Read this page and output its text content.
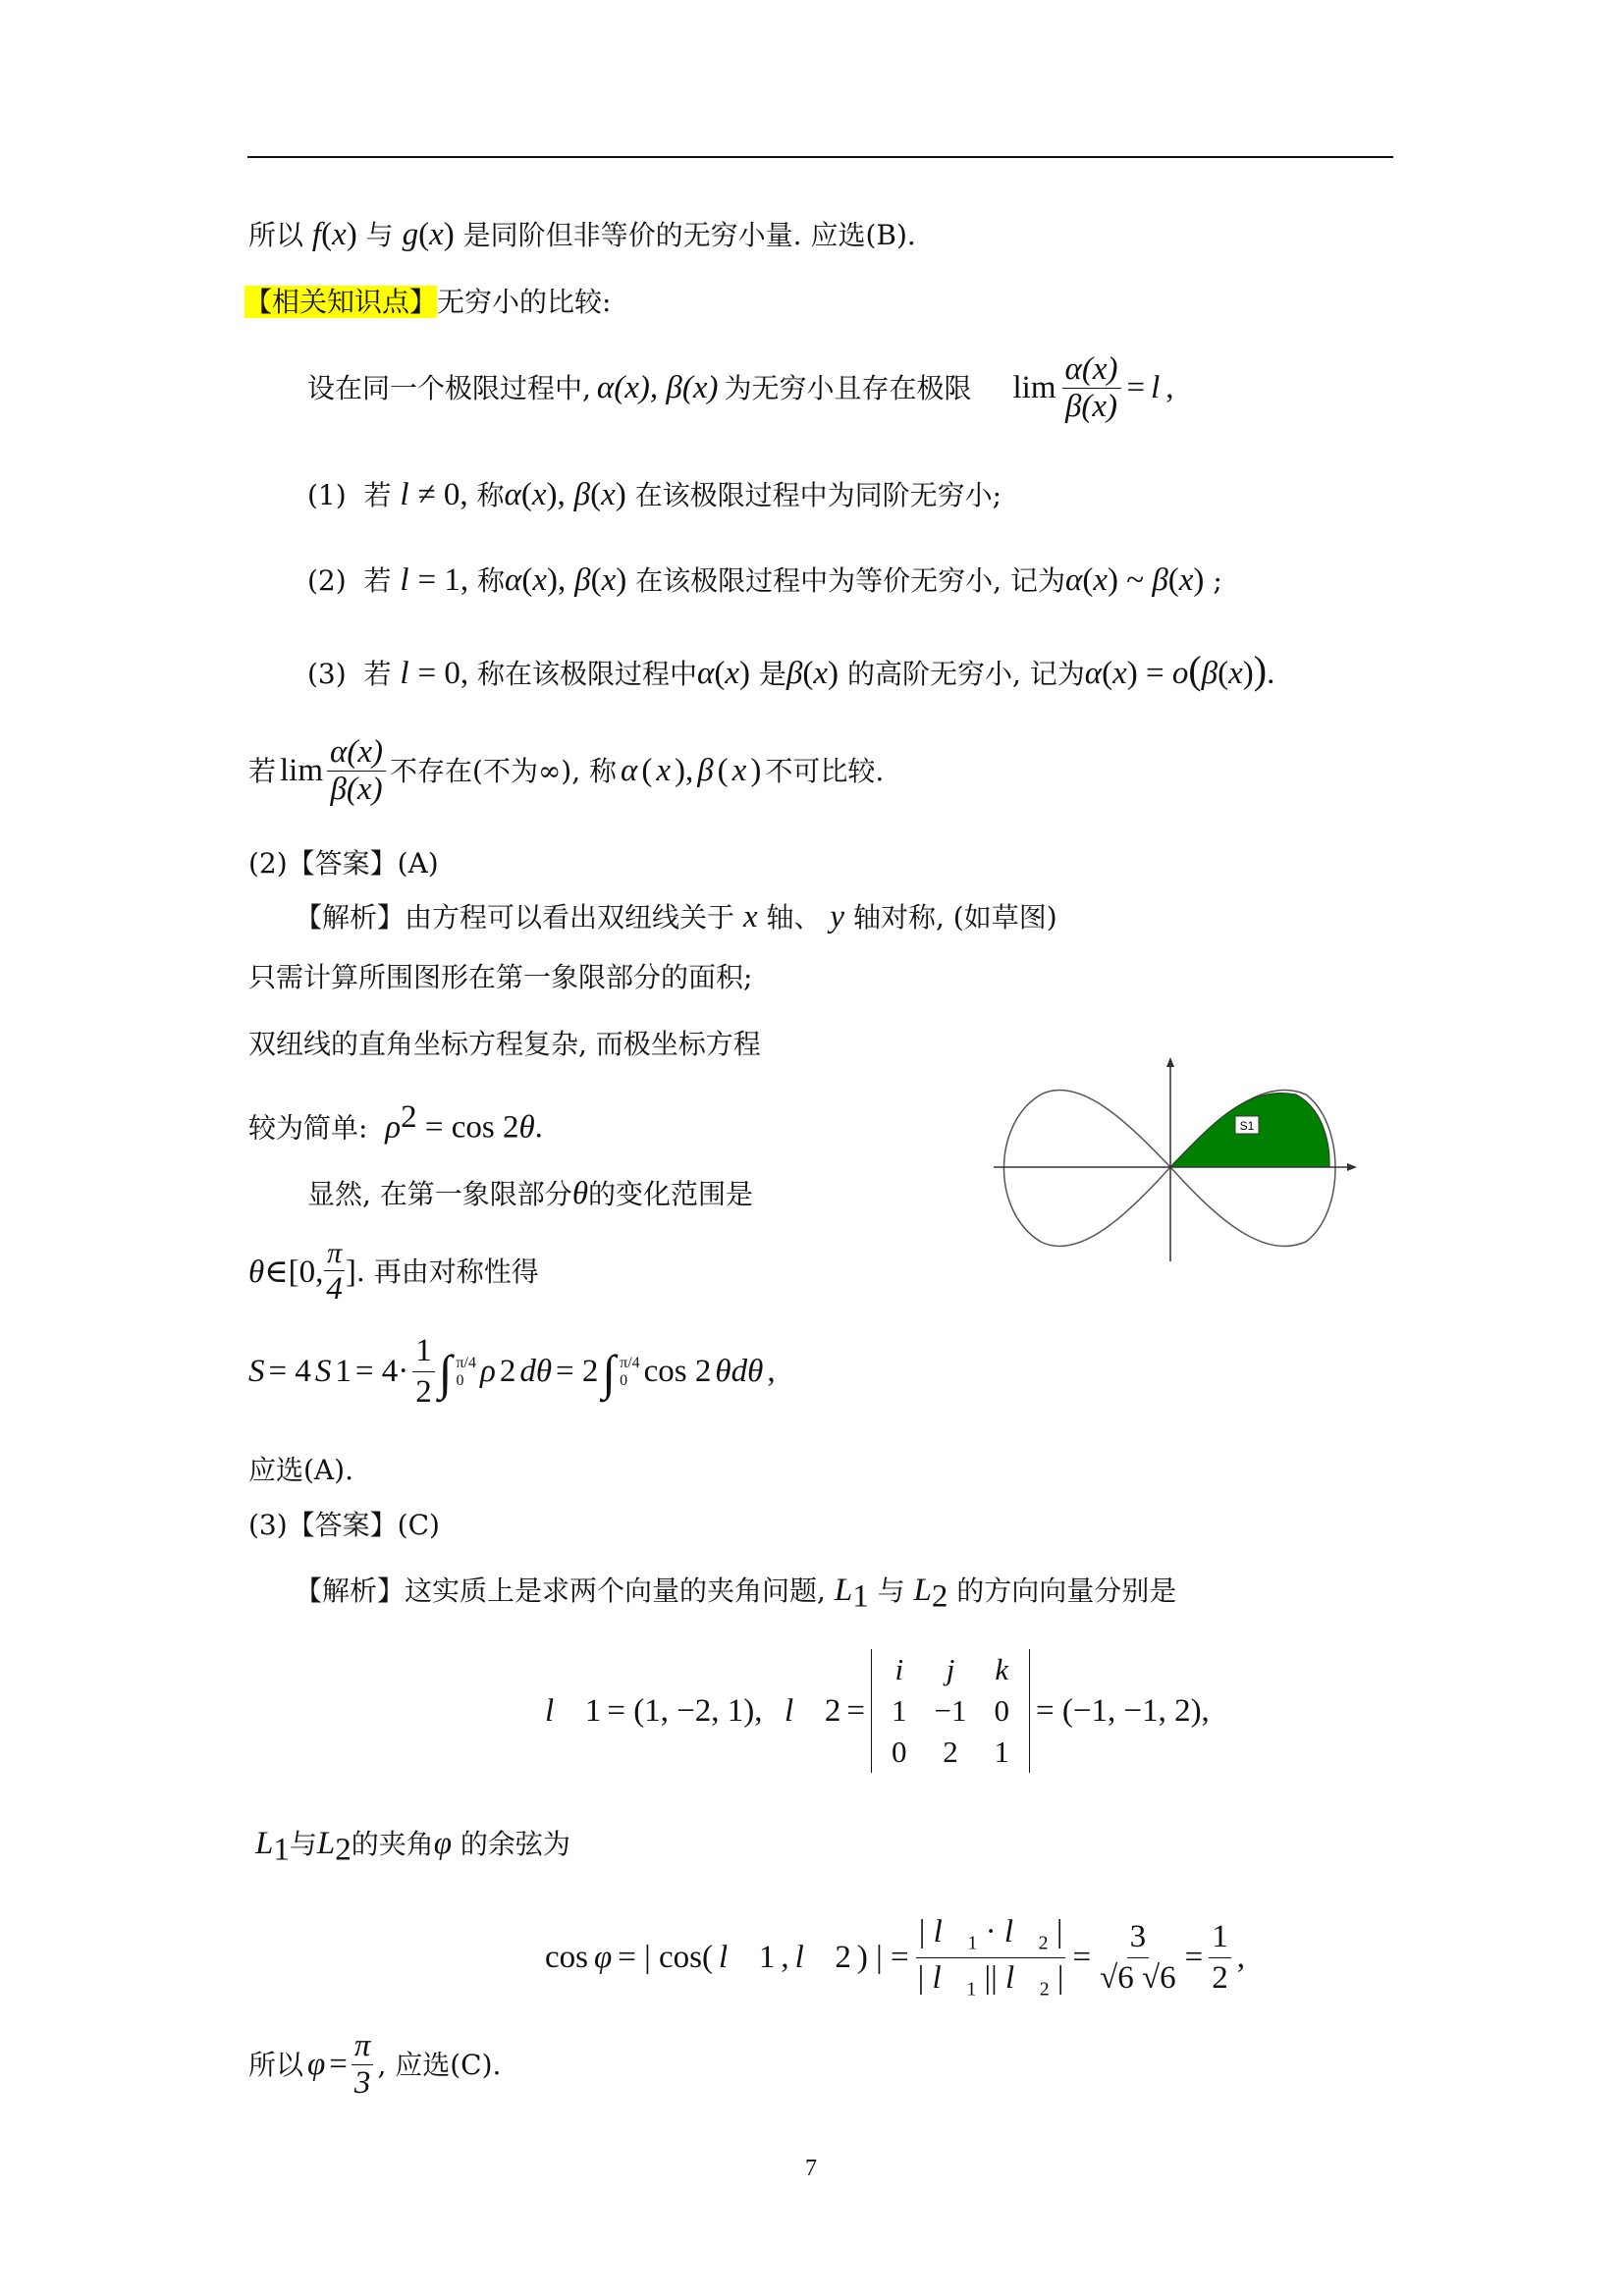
所以 f(x) 与 g(x) 是同阶但非等价的无穷小量. 应选(B).
【相关知识点】无穷小的比较:
设在同一个极限过程中, α(x), β(x) 为无穷小且存在极限 $\lim \frac{\alpha(x)}{\beta(x)} = l$ ,
(1) 若 l ≠ 0, 称α(x), β(x) 在该极限过程中为同阶无穷小;
(2) 若 l = 1, 称α(x), β(x) 在该极限过程中为等价无穷小, 记为α(x) ~ β(x) ;
(3) 若 l = 0, 称在该极限过程中α(x) 是β(x) 的高阶无穷小, 记为α(x) = o(β(x)).
若 $\lim \frac{\alpha(x)}{\beta(x)}$ 不存在(不为∞), 称 α ( x ), β ( x ) 不可比较.
(2)【答案】(A)
【解析】由方程可以看出双纽线关于 x 轴、 y 轴对称, (如草图)
只需计算所围图形在第一象限部分的面积;
双纽线的直角坐标方程复杂, 而极坐标方程
较为简单: $\rho^2 = \cos 2\theta$.
显然, 在第一象限部分θ的变化范围是
θ ∈[0, $\frac{\pi}{4}$ ] . 再由对称性得
S = 4 S $1 = 4\cdot \frac{1}{2}$ ∫ π/4
0 ρ 2 dθ = 2 ∫ π/4
0 cos 2 θdθ ,
应选(A).
S1
(3)【答案】(C)
【解析】这实质上是求两个向量的夹角问题, $L_1$ 与 $L_2$ 的方向向量分别是
l⃗ 1 = (1, −2, 1), l⃗ 2 =
i	j	k
1	−1	0
0	2	1
= (−1, −1, 2),
$L_1$与$L_2$的夹角φ 的余弦为
cos φ = | cos( l⃗ 1 , l⃗ 2 ) | = $\frac{| l⃗_1 \cdot l⃗_2 |}{| l⃗_1 || l⃗_2 |} = \frac{3}{√6 √6} = \frac{1}{2}$ ,
所以 $\varphi = \frac{\pi}{3}$ , 应选(C).
7
